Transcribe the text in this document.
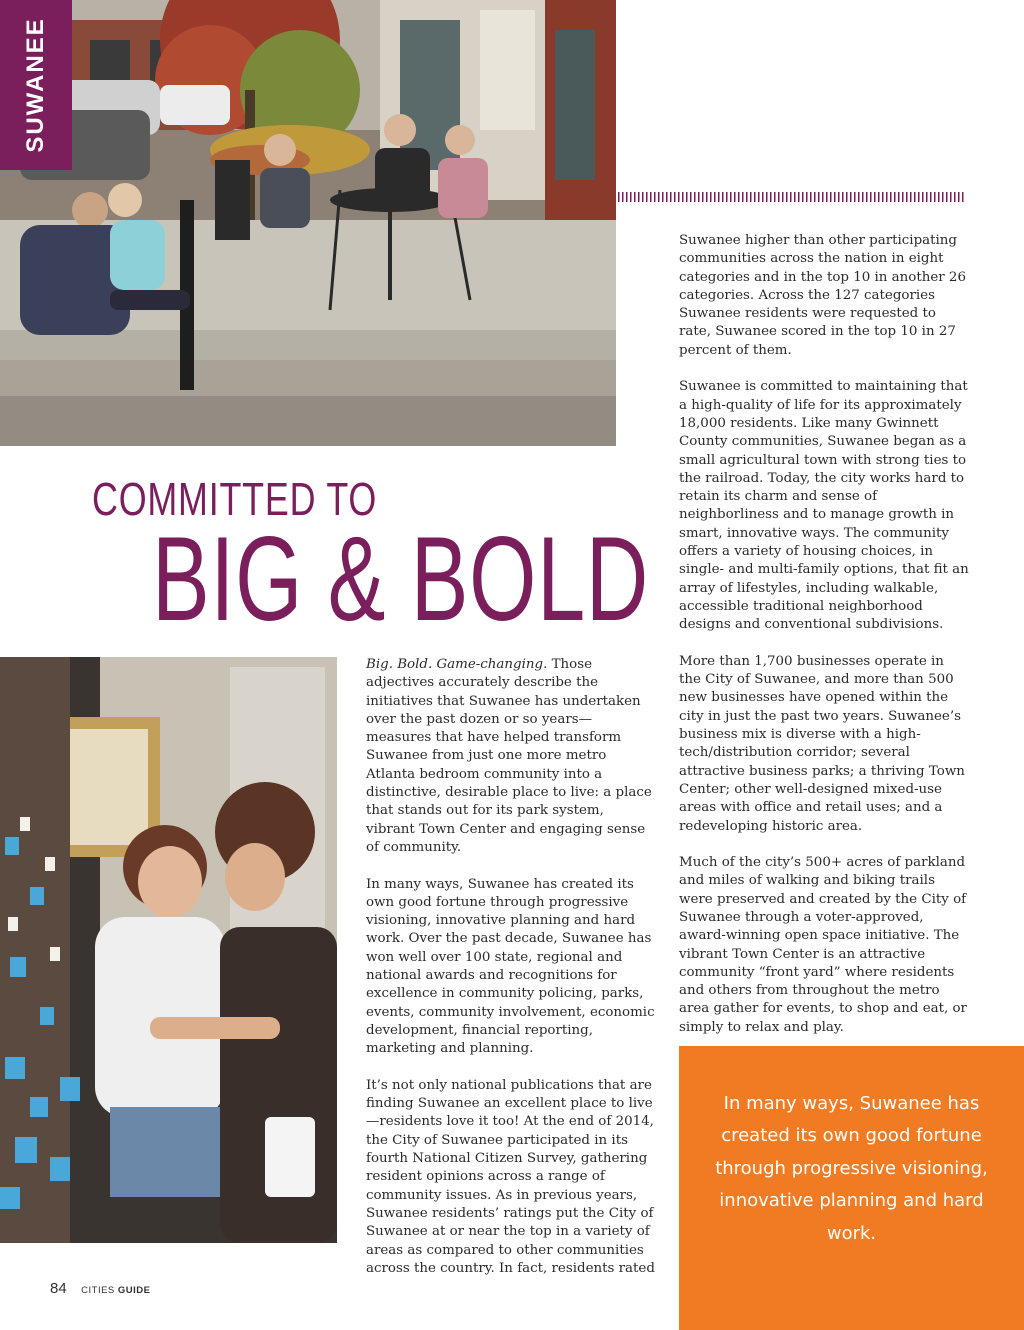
SUWANEE
COMMITTED TO
BIG & BOLD

Big. Bold. Game-changing. Those adjectives accurately describe the initiatives that Suwanee has undertaken over the past dozen or so years—measures that have helped transform Suwanee from just one more metro Atlanta bedroom community into a distinctive, desirable place to live: a place that stands out for its park system, vibrant Town Center and engaging sense of community.

In many ways, Suwanee has created its own good fortune through progressive visioning, innovative planning and hard work. Over the past decade, Suwanee has won well over 100 state, regional and national awards and recognitions for excellence in community policing, parks, events, community involvement, economic development, financial reporting, marketing and planning.

It’s not only national publications that are finding Suwanee an excellent place to live—residents love it too! At the end of 2014, the City of Suwanee participated in its fourth National Citizen Survey, gathering resident opinions across a range of community issues. As in previous years, Suwanee residents’ ratings put the City of Suwanee at or near the top in a variety of areas as compared to other communities across the country. In fact, residents rated

Suwanee higher than other participating communities across the nation in eight categories and in the top 10 in another 26 categories. Across the 127 categories Suwanee residents were requested to rate, Suwanee scored in the top 10 in 27 percent of them.

Suwanee is committed to maintaining that a high-quality of life for its approximately 18,000 residents. Like many Gwinnett County communities, Suwanee began as a small agricultural town with strong ties to the railroad. Today, the city works hard to retain its charm and sense of neighborliness and to manage growth in smart, innovative ways. The community offers a variety of housing choices, in single- and multi-family options, that fit an array of lifestyles, including walkable, accessible traditional neighborhood designs and conventional subdivisions.

More than 1,700 businesses operate in the City of Suwanee, and more than 500 new businesses have opened within the city in just the past two years. Suwanee’s business mix is diverse with a high-tech/distribution corridor; several attractive business parks; a thriving Town Center; other well-designed mixed-use areas with office and retail uses; and a redeveloping historic area.

Much of the city’s 500+ acres of parkland and miles of walking and biking trails were preserved and created by the City of Suwanee through a voter-approved, award-winning open space initiative. The vibrant Town Center is an attractive community “front yard” where residents and others from throughout the metro area gather for events, to shop and eat, or simply to relax and play.

In many ways, Suwanee has created its own good fortune through progressive visioning, innovative planning and hard work.
84 CITIES GUIDE
